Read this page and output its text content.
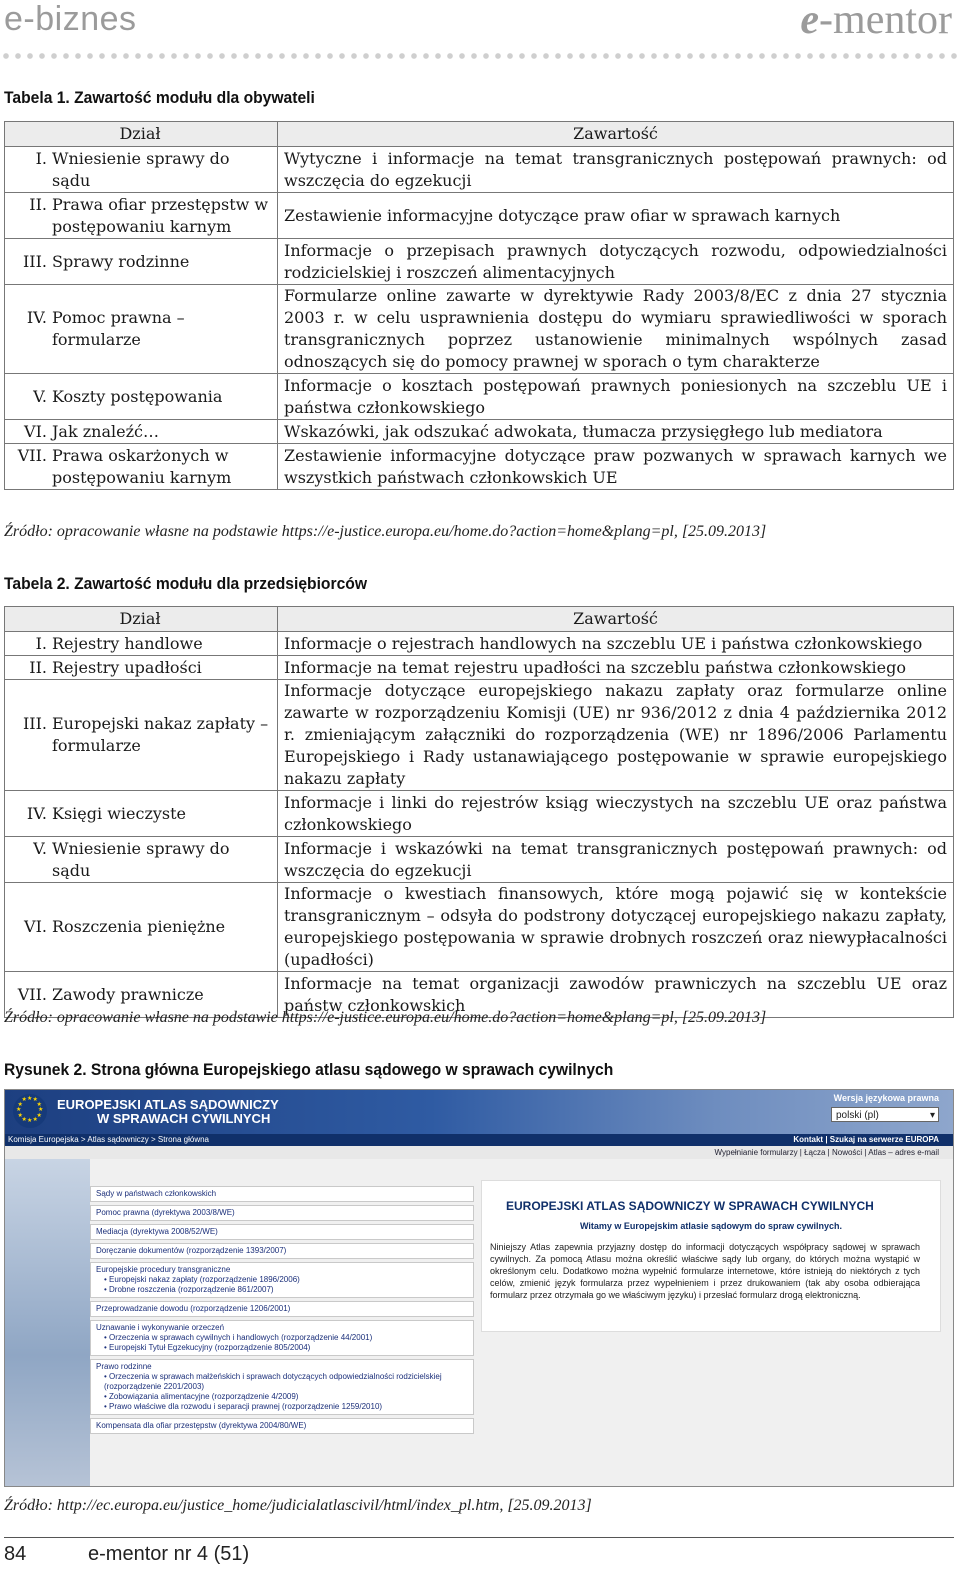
e-biznes	e-mentor
Tabela 1. Zawartość modułu dla obywateli
Dział	Zawartość

I. Wniesienie sprawy do sądu	Wytyczne i informacje na temat transgranicznych postępowań prawnych: od wszczęcia do egzekucji

II. Prawa ofiar przestępstw w postępowaniu karnym	Zestawienie informacyjne dotyczące praw ofiar w sprawach karnych

III. Sprawy rodzinne	Informacje o przepisach prawnych dotyczących rozwodu, odpowiedzialności rodzicielskiej i roszczeń alimentacyjnych

IV. Pomoc prawna – formularze	Formularze online zawarte w dyrektywie Rady 2003/8/EC z dnia 27 stycznia 2003 r. w celu usprawnienia dostępu do wymiaru sprawiedliwości w sporach transgranicznych poprzez ustanowienie minimalnych wspólnych zasad odnoszących się do pomocy prawnej w sporach o tym charakterze

V. Koszty postępowania	Informacje o kosztach postępowań prawnych poniesionych na szczeblu UE i państwa członkowskiego

VI. Jak znaleźć…	Wskazówki, jak odszukać adwokata, tłumacza przysięgłego lub mediatora

VII. Prawa oskarżonych w postępowaniu karnym	Zestawienie informacyjne dotyczące praw pozwanych w sprawach karnych we wszystkich państwach członkowskich UE
Źródło: opracowanie własne na podstawie https://e-justice.europa.eu/home.do?action=home&plang=pl, [25.09.2013]
Tabela 2. Zawartość modułu dla przedsiębiorców
Dział	Zawartość

I. Rejestry handlowe	Informacje o rejestrach handlowych na szczeblu UE i państwa członkowskiego

II. Rejestry upadłości	Informacje na temat rejestru upadłości na szczeblu państwa członkowskiego

III. Europejski nakaz zapłaty – formularze	Informacje dotyczące europejskiego nakazu zapłaty oraz formularze online zawarte w rozporządzeniu Komisji (UE) nr 936/2012 z dnia 4 października 2012 r. zmieniającym załączniki do rozporządzenia (WE) nr 1896/2006 Parlamentu Europejskiego i Rady ustanawiającego postępowanie w sprawie europejskiego nakazu zapłaty

IV. Księgi wieczyste	Informacje i linki do rejestrów ksiąg wieczystych na szczeblu UE oraz państwa członkowskiego

V. Wniesienie sprawy do sądu	Informacje i wskazówki na temat transgranicznych postępowań prawnych: od wszczęcia do egzekucji

VI. Roszczenia pieniężne	Informacje o kwestiach finansowych, które mogą pojawić się w kontekście transgranicznym – odsyła do podstrony dotyczącej europejskiego nakazu zapłaty, europejskiego postępowania w sprawie drobnych roszczeń oraz niewypłacalności (upadłości)

VII. Zawody prawnicze	Informacje na temat organizacji zawodów prawniczych na szczeblu UE oraz państw członkowskich
Źródło: opracowanie własne na podstawie https://e-justice.europa.eu/home.do?action=home&plang=pl, [25.09.2013]
Rysunek 2. Strona główna Europejskiego atlasu sądowego w sprawach cywilnych
★
★
★
★
★
★
★
★
★ ★ ★
★ EUROPEJSKI ATLAS SĄDOWNICZY
W SPRAWACH CYWILNYCH
Wersja językowa prawna
polski (pl)	▾
Komisja Europejska > Atlas sądowniczy > Strona główna	Kontakt | Szukaj na serwerze EUROPA
Wypełnianie formularzy | Łącza | Nowości | Atlas – adres e-mail
Sądy w państwach członkowskich
Pomoc prawna (dyrektywa 2003/8/WE)
Mediacja (dyrektywa 2008/52/WE)
Doręczanie dokumentów (rozporządzenie 1393/2007)
Europejskie procedury transgraniczne
• Europejski nakaz zapłaty (rozporządzenie 1896/2006)
• Drobne roszczenia (rozporządzenie 861/2007)
Przeprowadzanie dowodu (rozporządzenie 1206/2001)
Uznawanie i wykonywanie orzeczeń
• Orzeczenia w sprawach cywilnych i handlowych (rozporządzenie 44/2001)
• Europejski Tytuł Egzekucyjny (rozporządzenie 805/2004)
Prawo rodzinne
• Orzeczenia w sprawach małżeńskich i sprawach dotyczących odpowiedzialności rodzicielskiej (rozporządzenie 2201/2003)
• Zobowiązania alimentacyjne (rozporządzenie 4/2009)
• Prawo właściwe dla rozwodu i separacji prawnej (rozporządzenie 1259/2010)
Kompensata dla ofiar przestępstw (dyrektywa 2004/80/WE)
EUROPEJSKI ATLAS SĄDOWNICZY W SPRAWACH CYWILNYCH
Witamy w Europejskim atlasie sądowym do spraw cywilnych.
Niniejszy Atlas zapewnia przyjazny dostęp do informacji dotyczących współpracy sądowej w sprawach cywilnych. Za pomocą Atlasu można określić właściwe sądy lub organy, do których można wystąpić w określonym celu. Dodatkowo można wypełnić formularze internetowe, które istnieją do niektórych z tych celów, zmienić język formularza przez wypełnieniem i przez drukowaniem (tak aby osoba odbierająca formularz przez otrzymała go we właściwym języku) i przesłać formularz drogą elektroniczną.
Źródło: http://ec.europa.eu/justice_home/judicialatlascivil/html/index_pl.htm, [25.09.2013]
84	e-mentor nr 4 (51)
